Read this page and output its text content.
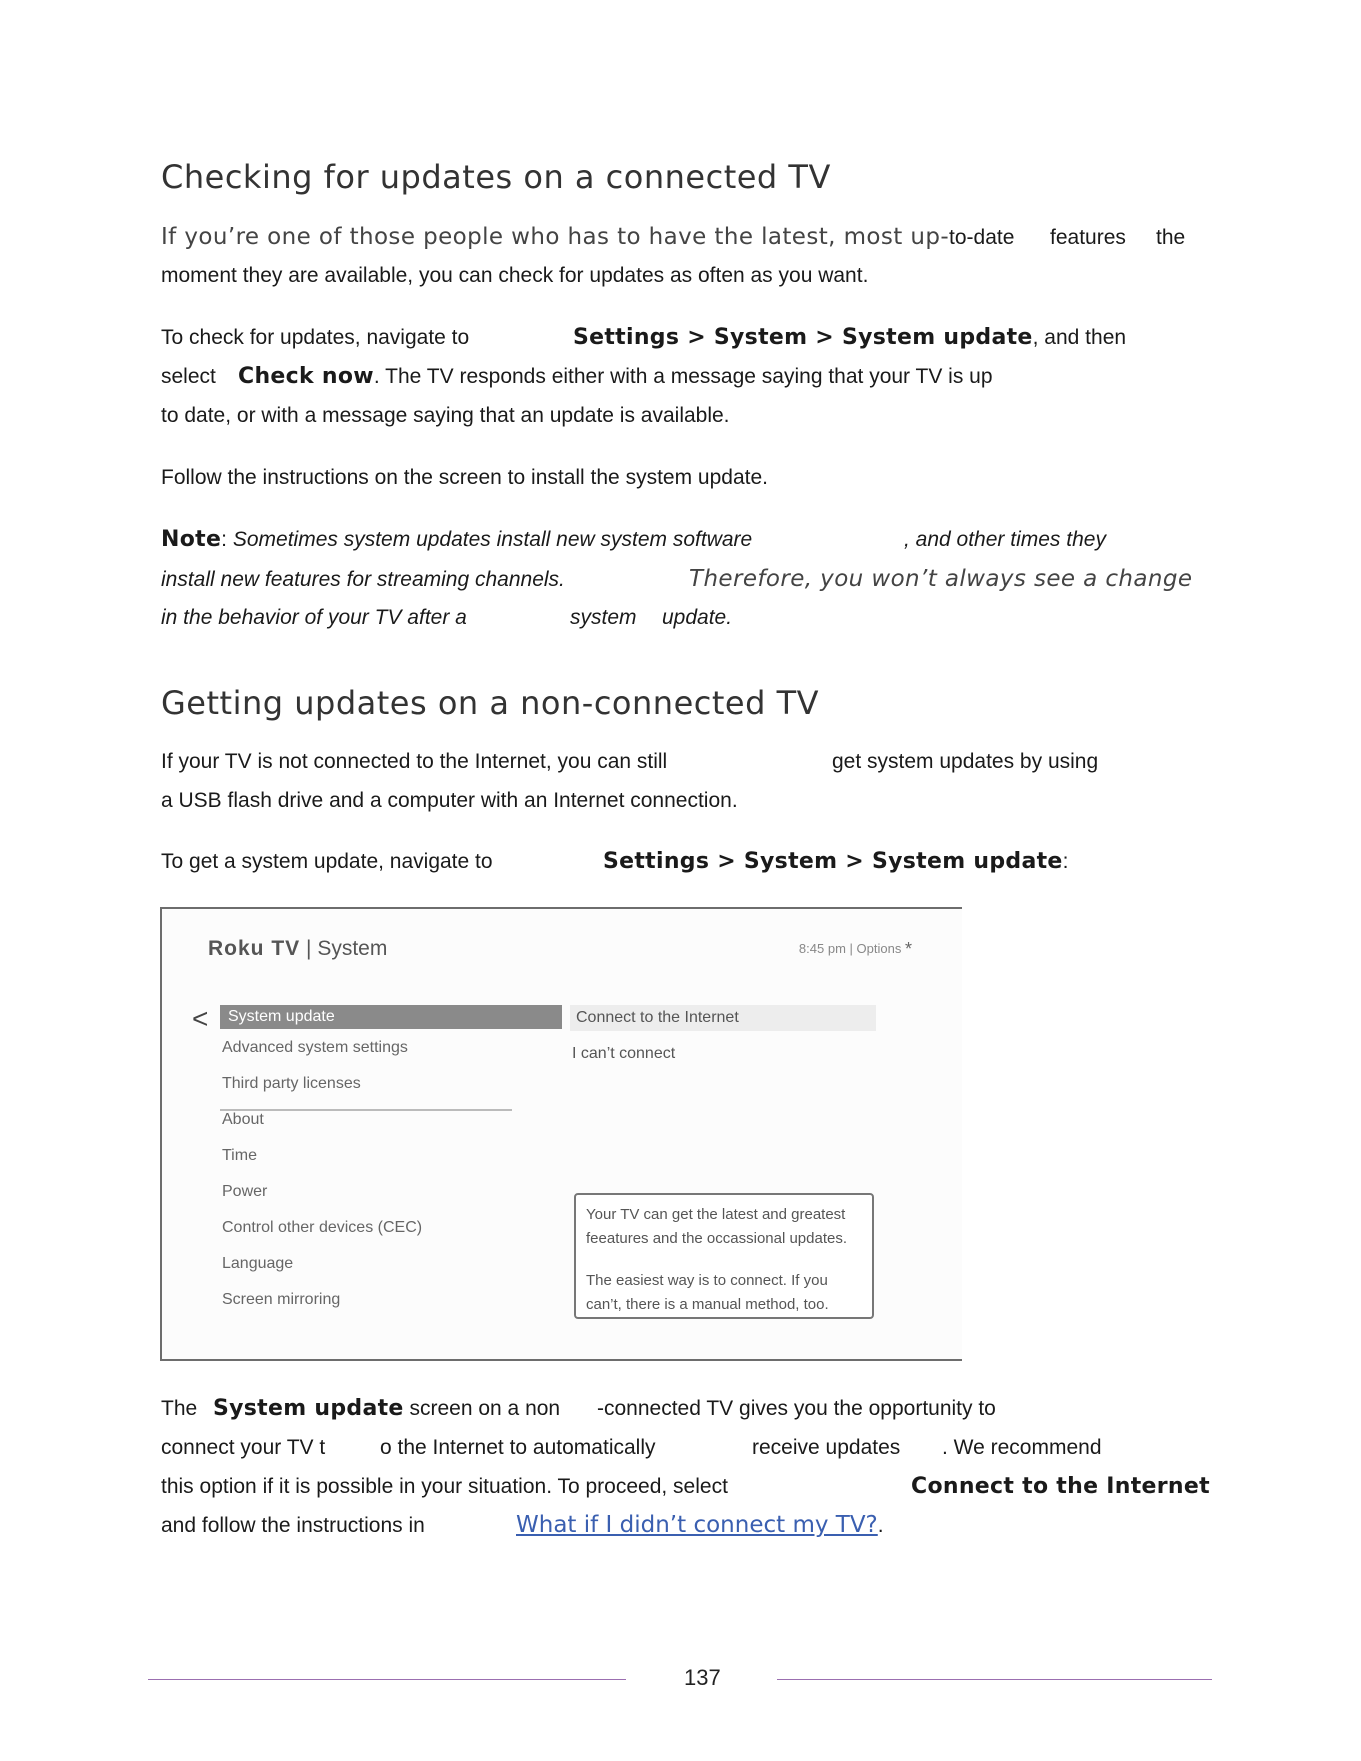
Checking for updates on a connected TV
If you’re one of those people who has to have the latest, most up-to-date features the
moment they are available, you can check for updates as often as you want.
To check for updates, navigate to	Settings > System > System update, and then
select Check now. The TV responds either with a message saying that your TV is up
to date, or with a message saying that an update is available.
Follow the instructions on the screen to install the system update.
Note: Sometimes system updates install new system software	, and other times they
install new features for streaming channels.	Therefore, you won’t always see a change
in the behavior of your TV after a	system update.
Getting updates on a non-connected TV
If your TV is not connected to the Internet, you can still	get system updates by using
a USB flash drive and a computer with an Internet connection.
To get a system update, navigate to	Settings > System > System update:
Roku TV | System	8:45 pm | Options *
<	System update
Advanced system settings
Third party licenses
About
Time
Power
Control other devices (CEC)
Language
Screen mirroring
Connect to the Internet
I can’t connect

Your TV can get the latest and greatest feeatures and the occassional updates.

The easiest way is to connect. If you can’t, there is a manual method, too.

The System update screen on a non -connected TV gives you the opportunity to
connect your TV t	o the Internet to automatically	receive updates . We recommend
this option if it is possible in your situation. To proceed, select	Connect to the Internet
and follow the instructions in	What if I didn’t connect my TV?.
137
